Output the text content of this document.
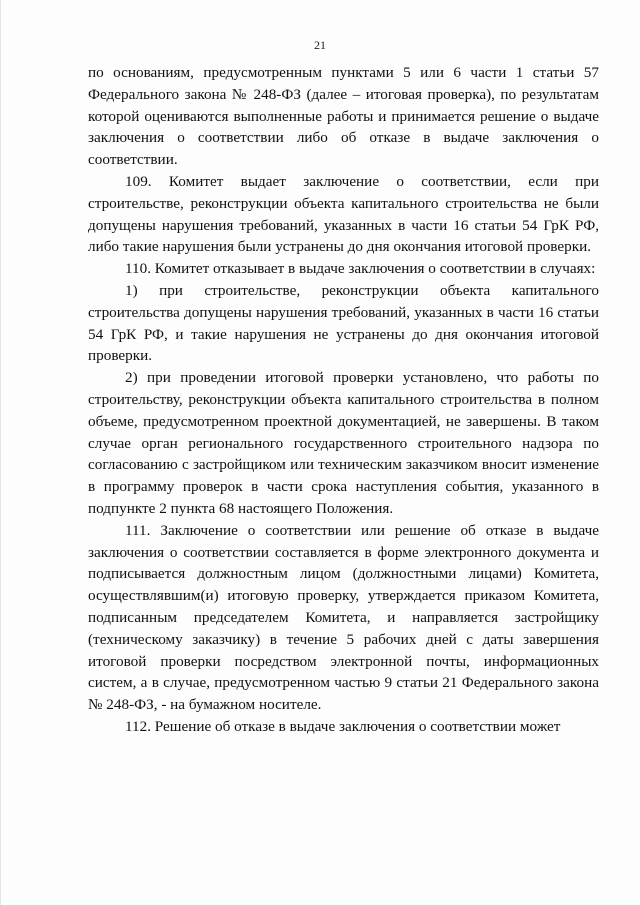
21

по основаниям, предусмотренным пунктами 5 или 6 части 1 статьи 57 Федерального закона № 248-ФЗ (далее – итоговая проверка), по результатам которой оцениваются выполненные работы и принимается решение о выдаче заключения о соответствии либо об отказе в выдаче заключения о соответствии.

109. Комитет выдает заключение о соответствии, если при строительстве, реконструкции объекта капитального строительства не были допущены нарушения требований, указанных в части 16 статьи 54 ГрК РФ, либо такие нарушения были устранены до дня окончания итоговой проверки.

110. Комитет отказывает в выдаче заключения о соответствии в случаях:

1) при строительстве, реконструкции объекта капитального строительства допущены нарушения требований, указанных в части 16 статьи 54 ГрК РФ, и такие нарушения не устранены до дня окончания итоговой проверки.

2) при проведении итоговой проверки установлено, что работы по строительству, реконструкции объекта капитального строительства в полном объеме, предусмотренном проектной документацией, не завершены. В таком случае орган регионального государственного строительного надзора по согласованию с застройщиком или техническим заказчиком вносит изменение в программу проверок в части срока наступления события, указанного в подпункте 2 пункта 68 настоящего Положения.

111. Заключение о соответствии или решение об отказе в выдаче заключения о соответствии составляется в форме электронного документа и подписывается должностным лицом (должностными лицами) Комитета, осуществлявшим(и) итоговую проверку, утверждается приказом Комитета, подписанным председателем Комитета, и направляется застройщику (техническому заказчику) в течение 5 рабочих дней с даты завершения итоговой проверки посредством электронной почты, информационных систем, а в случае, предусмотренном частью 9 статьи 21 Федерального закона № 248-ФЗ, - на бумажном носителе.

112. Решение об отказе в выдаче заключения о соответствии может
